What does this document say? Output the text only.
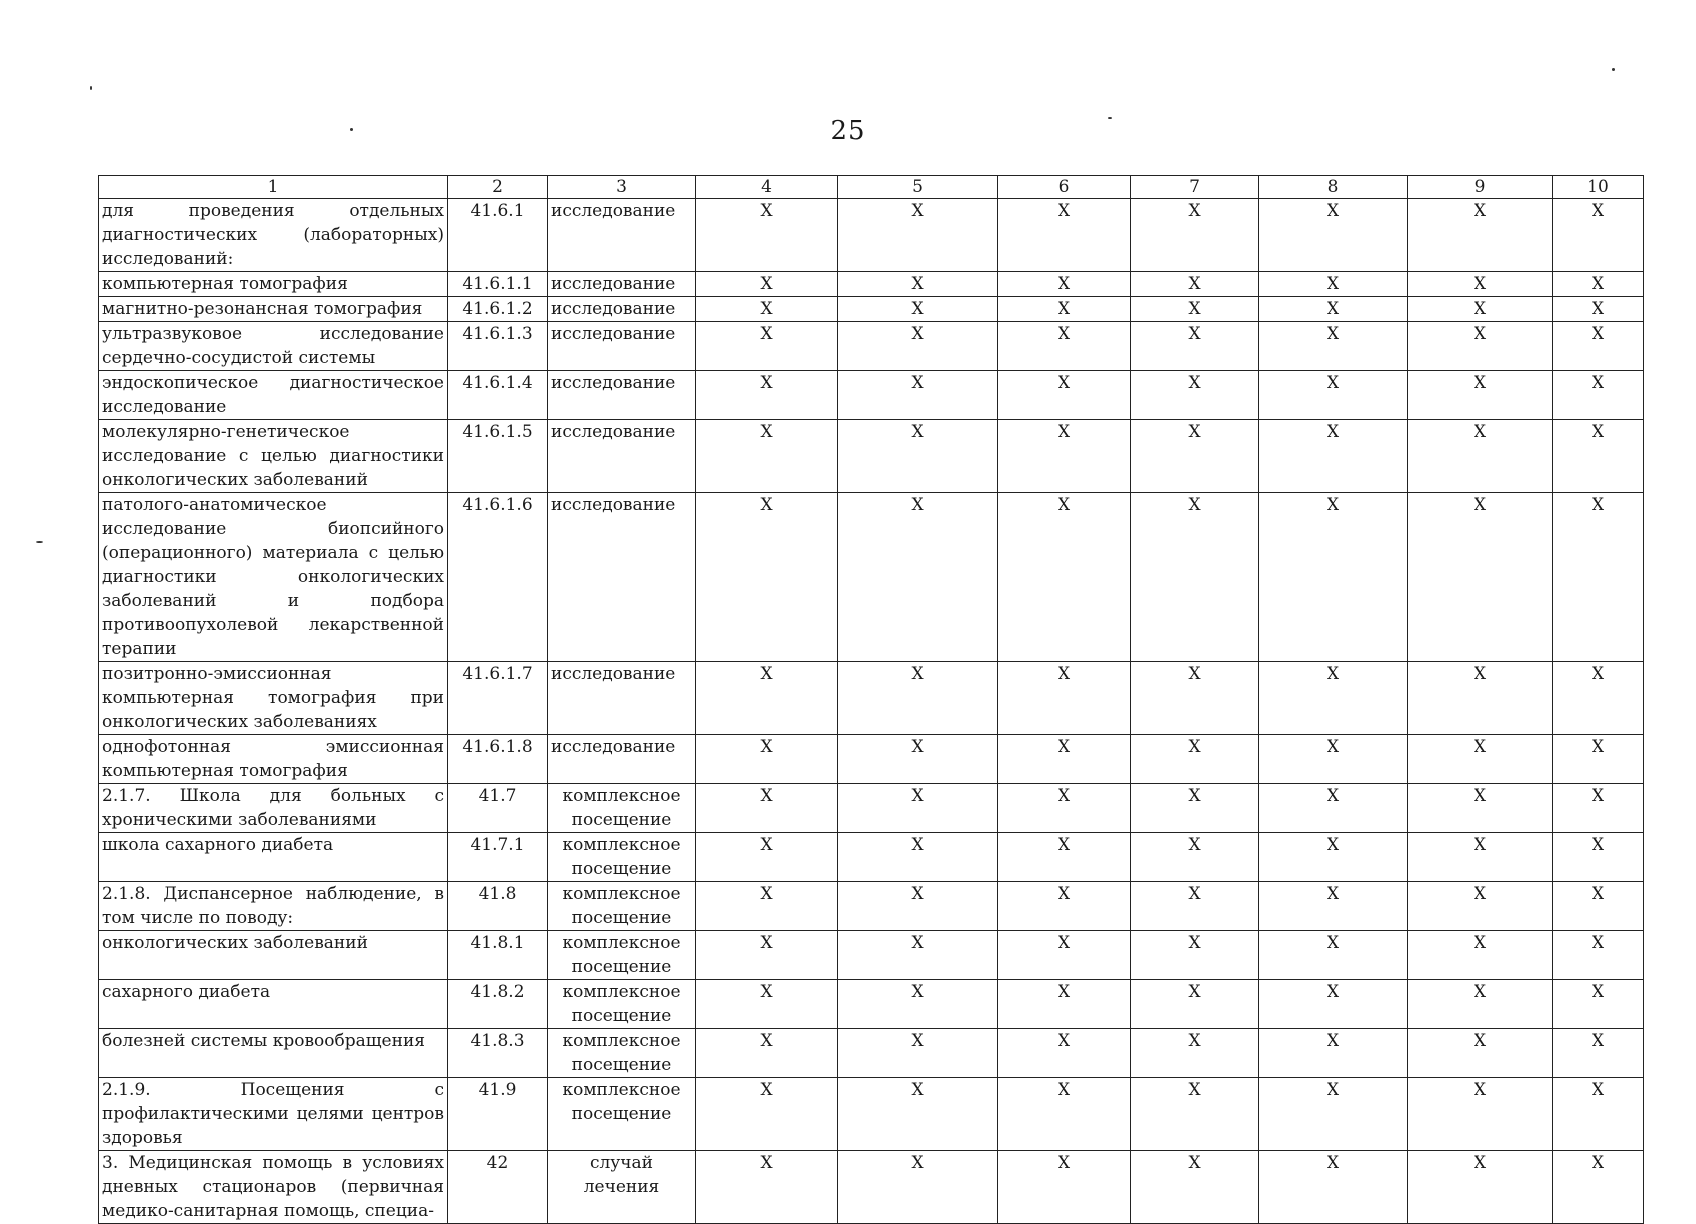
25
1	2	3	4	5	6	7	8	9	10
для проведения отдельных диагностических (лабораторных) исследований:	41.6.1	исследование	X	X	X	X	X	X	X
компьютерная томография	41.6.1.1	исследование	X	X	X	X	X	X	X
магнитно-резонансная томография	41.6.1.2	исследование	X	X	X	X	X	X	X
ультразвуковое исследование сердечно-сосудистой системы	41.6.1.3	исследование	X	X	X	X	X	X	X
эндоскопическое диагностическое исследование	41.6.1.4	исследование	X	X	X	X	X	X	X
молекулярно-генетическое исследование с целью диагностики онкологических заболеваний	41.6.1.5	исследование	X	X	X	X	X	X	X
патолого-анатомическое исследование биопсийного (операционного) материала с целью диагностики онкологических заболеваний и подбора противоопухолевой лекарственной терапии	41.6.1.6	исследование	X	X	X	X	X	X	X
позитронно-эмиссионная компьютерная томография при онкологических заболеваниях	41.6.1.7	исследование	X	X	X	X	X	X	X
однофотонная эмиссионная компьютерная томография	41.6.1.8	исследование	X	X	X	X	X	X	X
2.1.7. Школа для больных с хроническими заболеваниями	41.7	комплексное посещение	X	X	X	X	X	X	X
школа сахарного диабета	41.7.1	комплексное посещение	X	X	X	X	X	X	X
2.1.8. Диспансерное наблюдение, в том числе по поводу:	41.8	комплексное посещение	X	X	X	X	X	X	X
онкологических заболеваний	41.8.1	комплексное посещение	X	X	X	X	X	X	X
сахарного диабета	41.8.2	комплексное посещение	X	X	X	X	X	X	X
болезней системы кровообращения	41.8.3	комплексное посещение	X	X	X	X	X	X	X
2.1.9. Посещения с профилактическими целями центров здоровья	41.9	комплексное посещение	X	X	X	X	X	X	X
3. Медицинская помощь в условиях дневных стационаров (первичная медико-санитарная помощь, специа-	42	случай лечения	X	X	X	X	X	X	X
